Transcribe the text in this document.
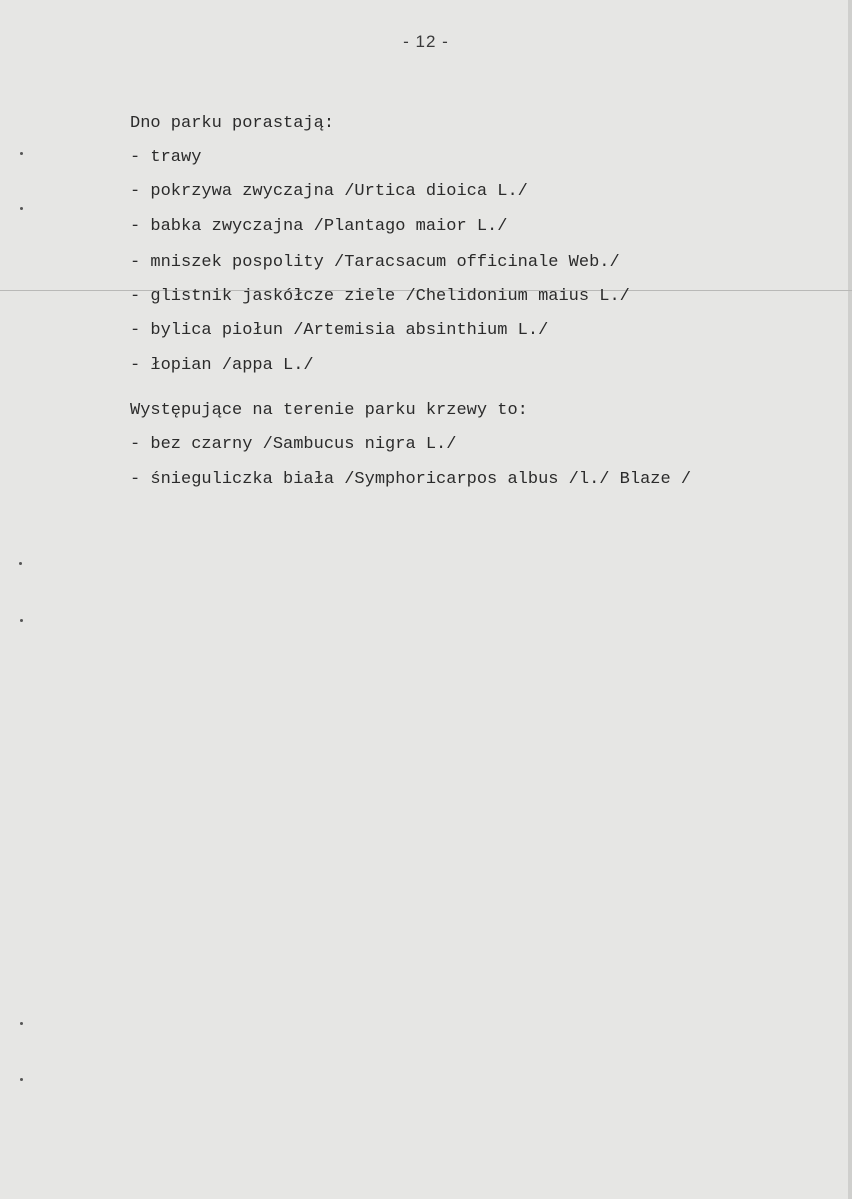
- 12 -
Dno parku porastają:
- trawy
- pokrzywa zwyczajna /Urtica dioica L./
- babka zwyczajna /Plantago maior L./
- mniszek pospolity /Taracsacum officinale Web./
- glistnik jaskółcze ziele /Chelidonium maius L./
- bylica piołun /Artemisia absinthium L./
- łopian /appa L./
Występujące na terenie parku krzewy to:
- bez czarny /Sambucus nigra L./
- śnieguliczka biała /Symphoricarpos albus /l./ Blaze /
